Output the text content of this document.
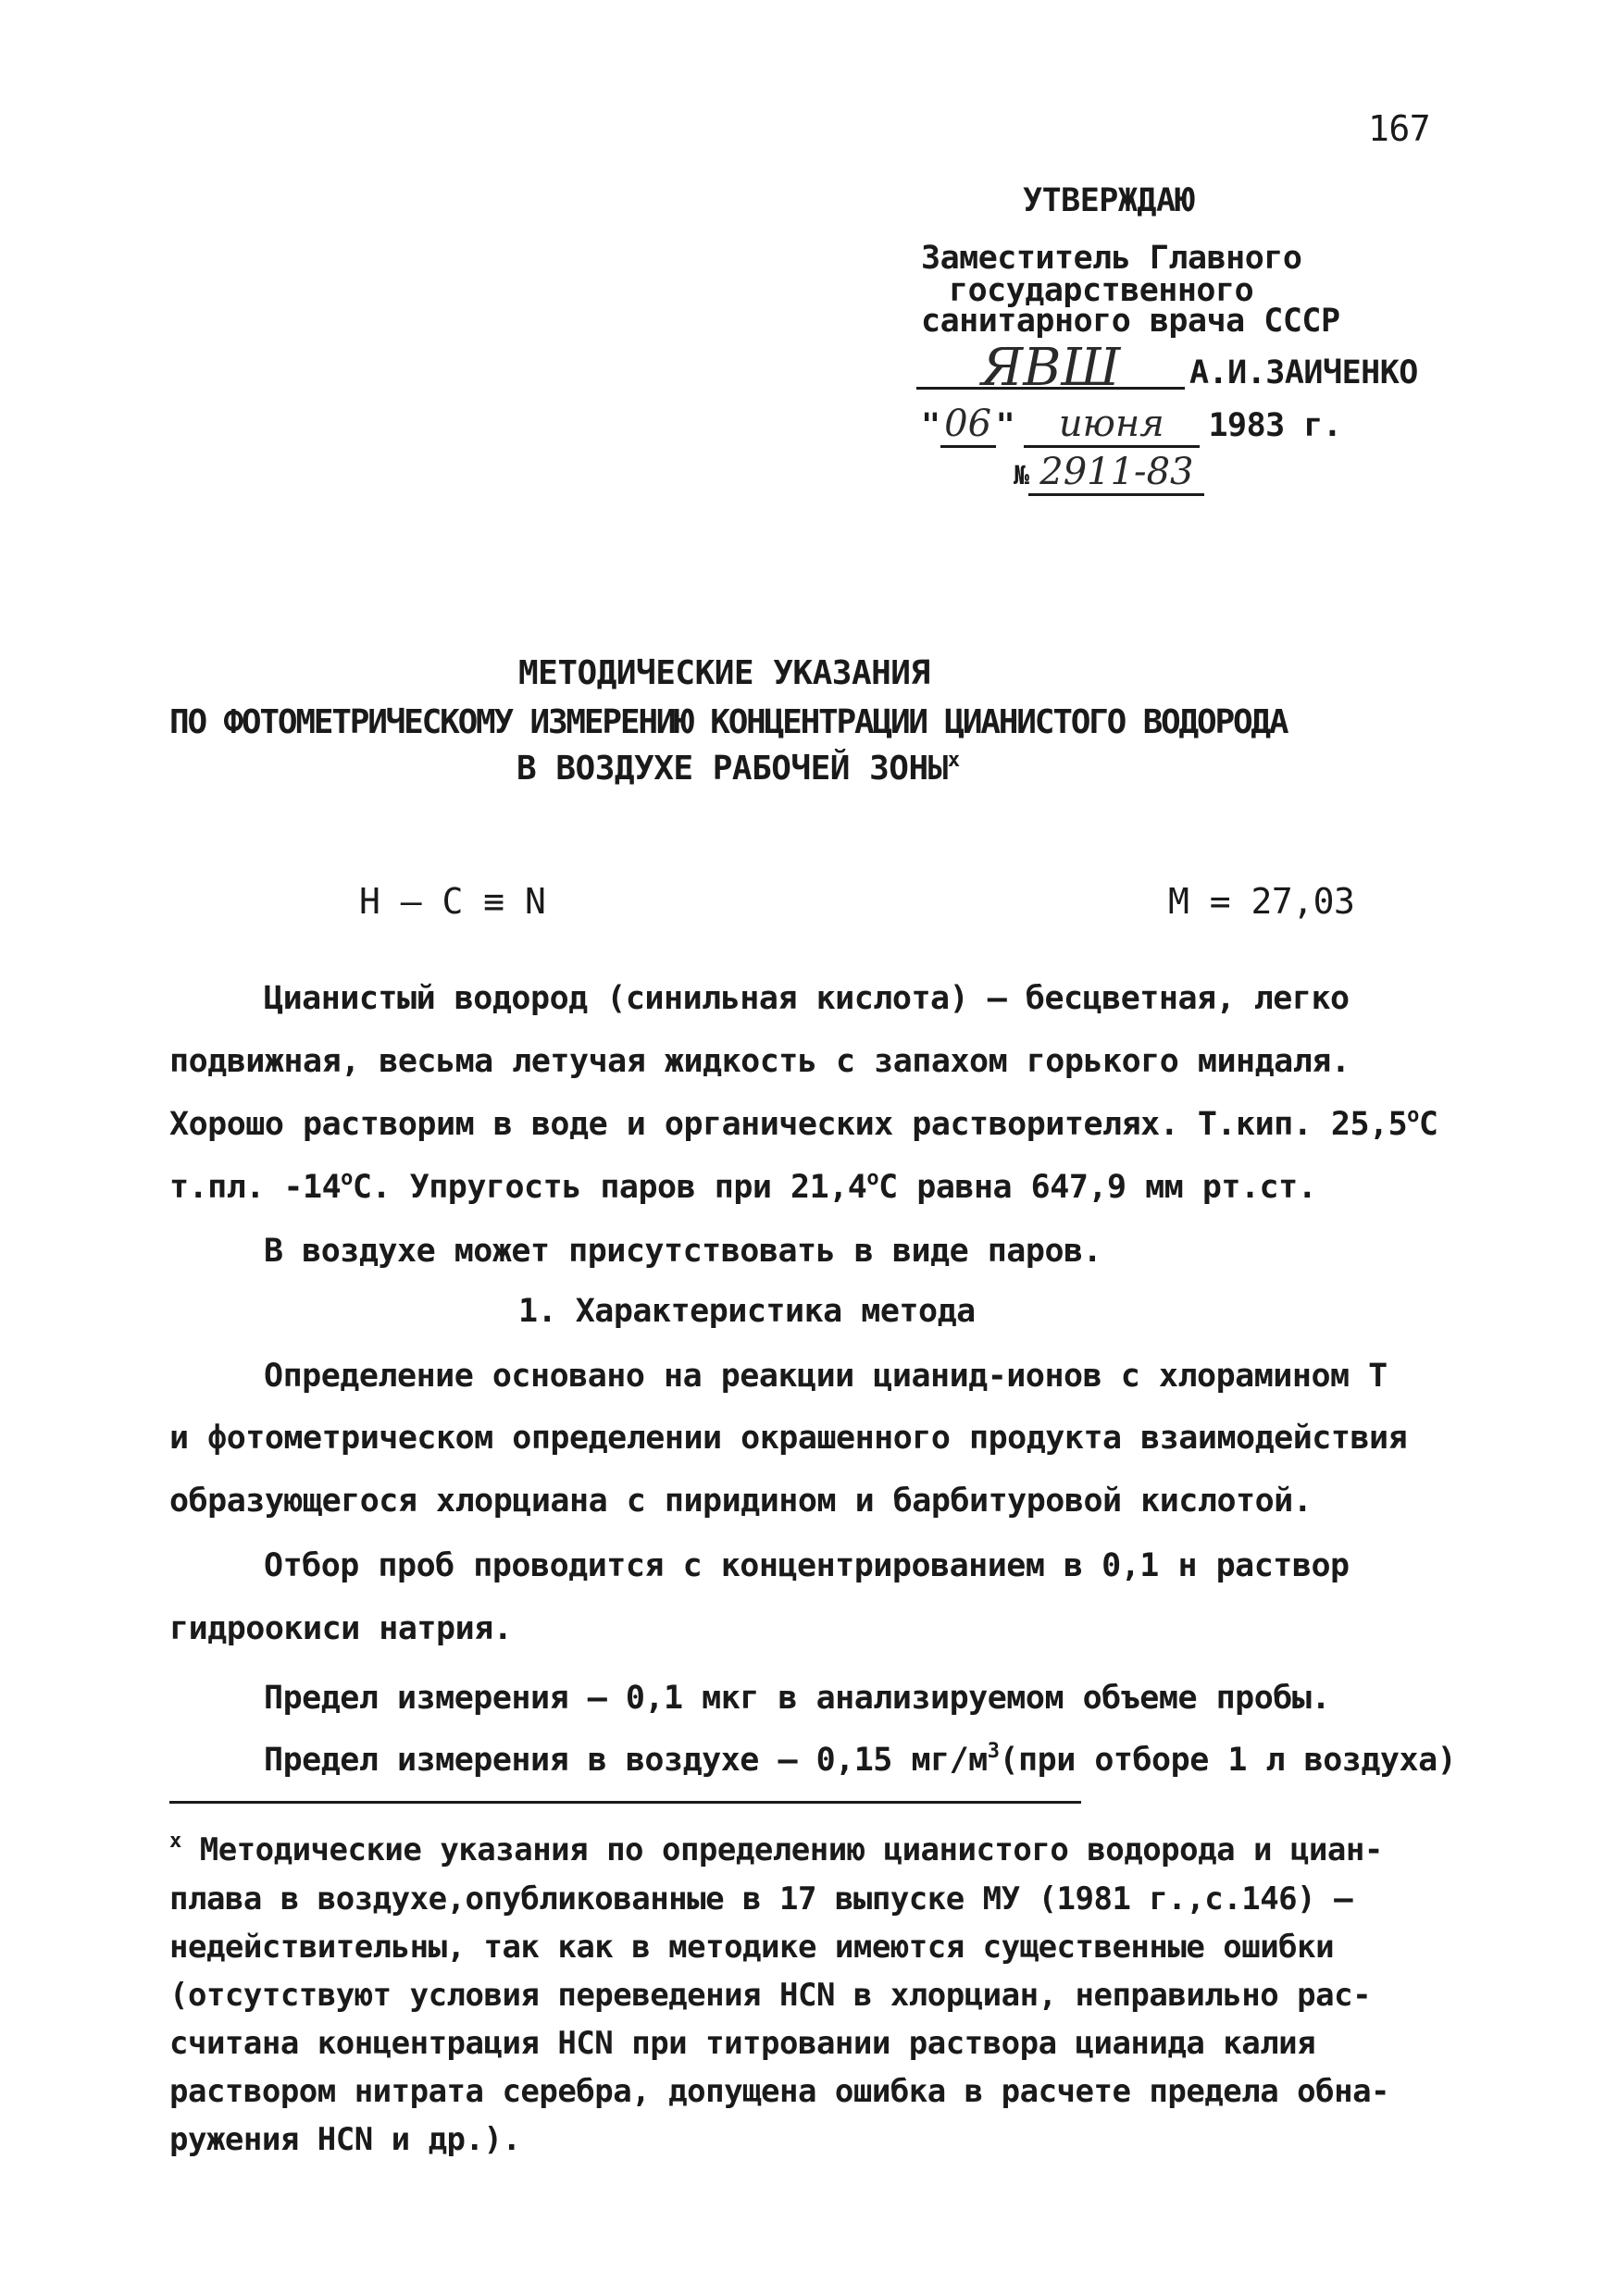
167
УТВЕРЖДАЮ
Заместитель Главного
государственного
санитарного врача СССР
ЯВШ А.И.ЗАИЧЕНКО
" 06 " июня 1983 г.
№ 2911-83
МЕТОДИЧЕСКИЕ УКАЗАНИЯ
ПО ФОТОМЕТРИЧЕСКОМУ ИЗМЕРЕНИЮ КОНЦЕНТРАЦИИ ЦИАНИСТОГО ВОДОРОДА
В ВОЗДУХЕ РАБОЧЕЙ ЗОНЫ$^x$
Н – С ≡ N	М = 27,03
Цианистый водород (синильная кислота) – бесцветная, легко
подвижная, весьма летучая жидкость с запахом горького миндаля.
Хорошо растворим в воде и органических растворителях. Т.кип. $25,5^оС$
т.пл. $-14^оС$. Упругость паров при $21,4^оС$ равна 647,9 мм рт.ст.
В воздухе может присутствовать в виде паров.
1. Характеристика метода
Определение основано на реакции цианид-ионов с хлорамином Т
и фотометрическом определении окрашенного продукта взаимодействия
образующегося хлорциана с пиридином и барбитуровой кислотой.
Отбор проб проводится с концентрированием в 0,1 н раствор
гидроокиси натрия.
Предел измерения – 0,1 мкг в анализируемом объеме пробы.
Предел измерения в воздухе – 0,15 $мг/м^3(при$ отборе 1 л воздуха)
$^x$ Методические указания по определению цианистого водорода и циан-
плава в воздухе,опубликованные в 17 выпуске МУ (1981 г.,с.146) –
недействительны, так как в методике имеются существенные ошибки
(отсутствуют условия переведения HCN в хлорциан, неправильно рас-
считана концентрация HCN при титровании раствора цианида калия
раствором нитрата серебра, допущена ошибка в расчете предела обна-
ружения HCN и др.).
